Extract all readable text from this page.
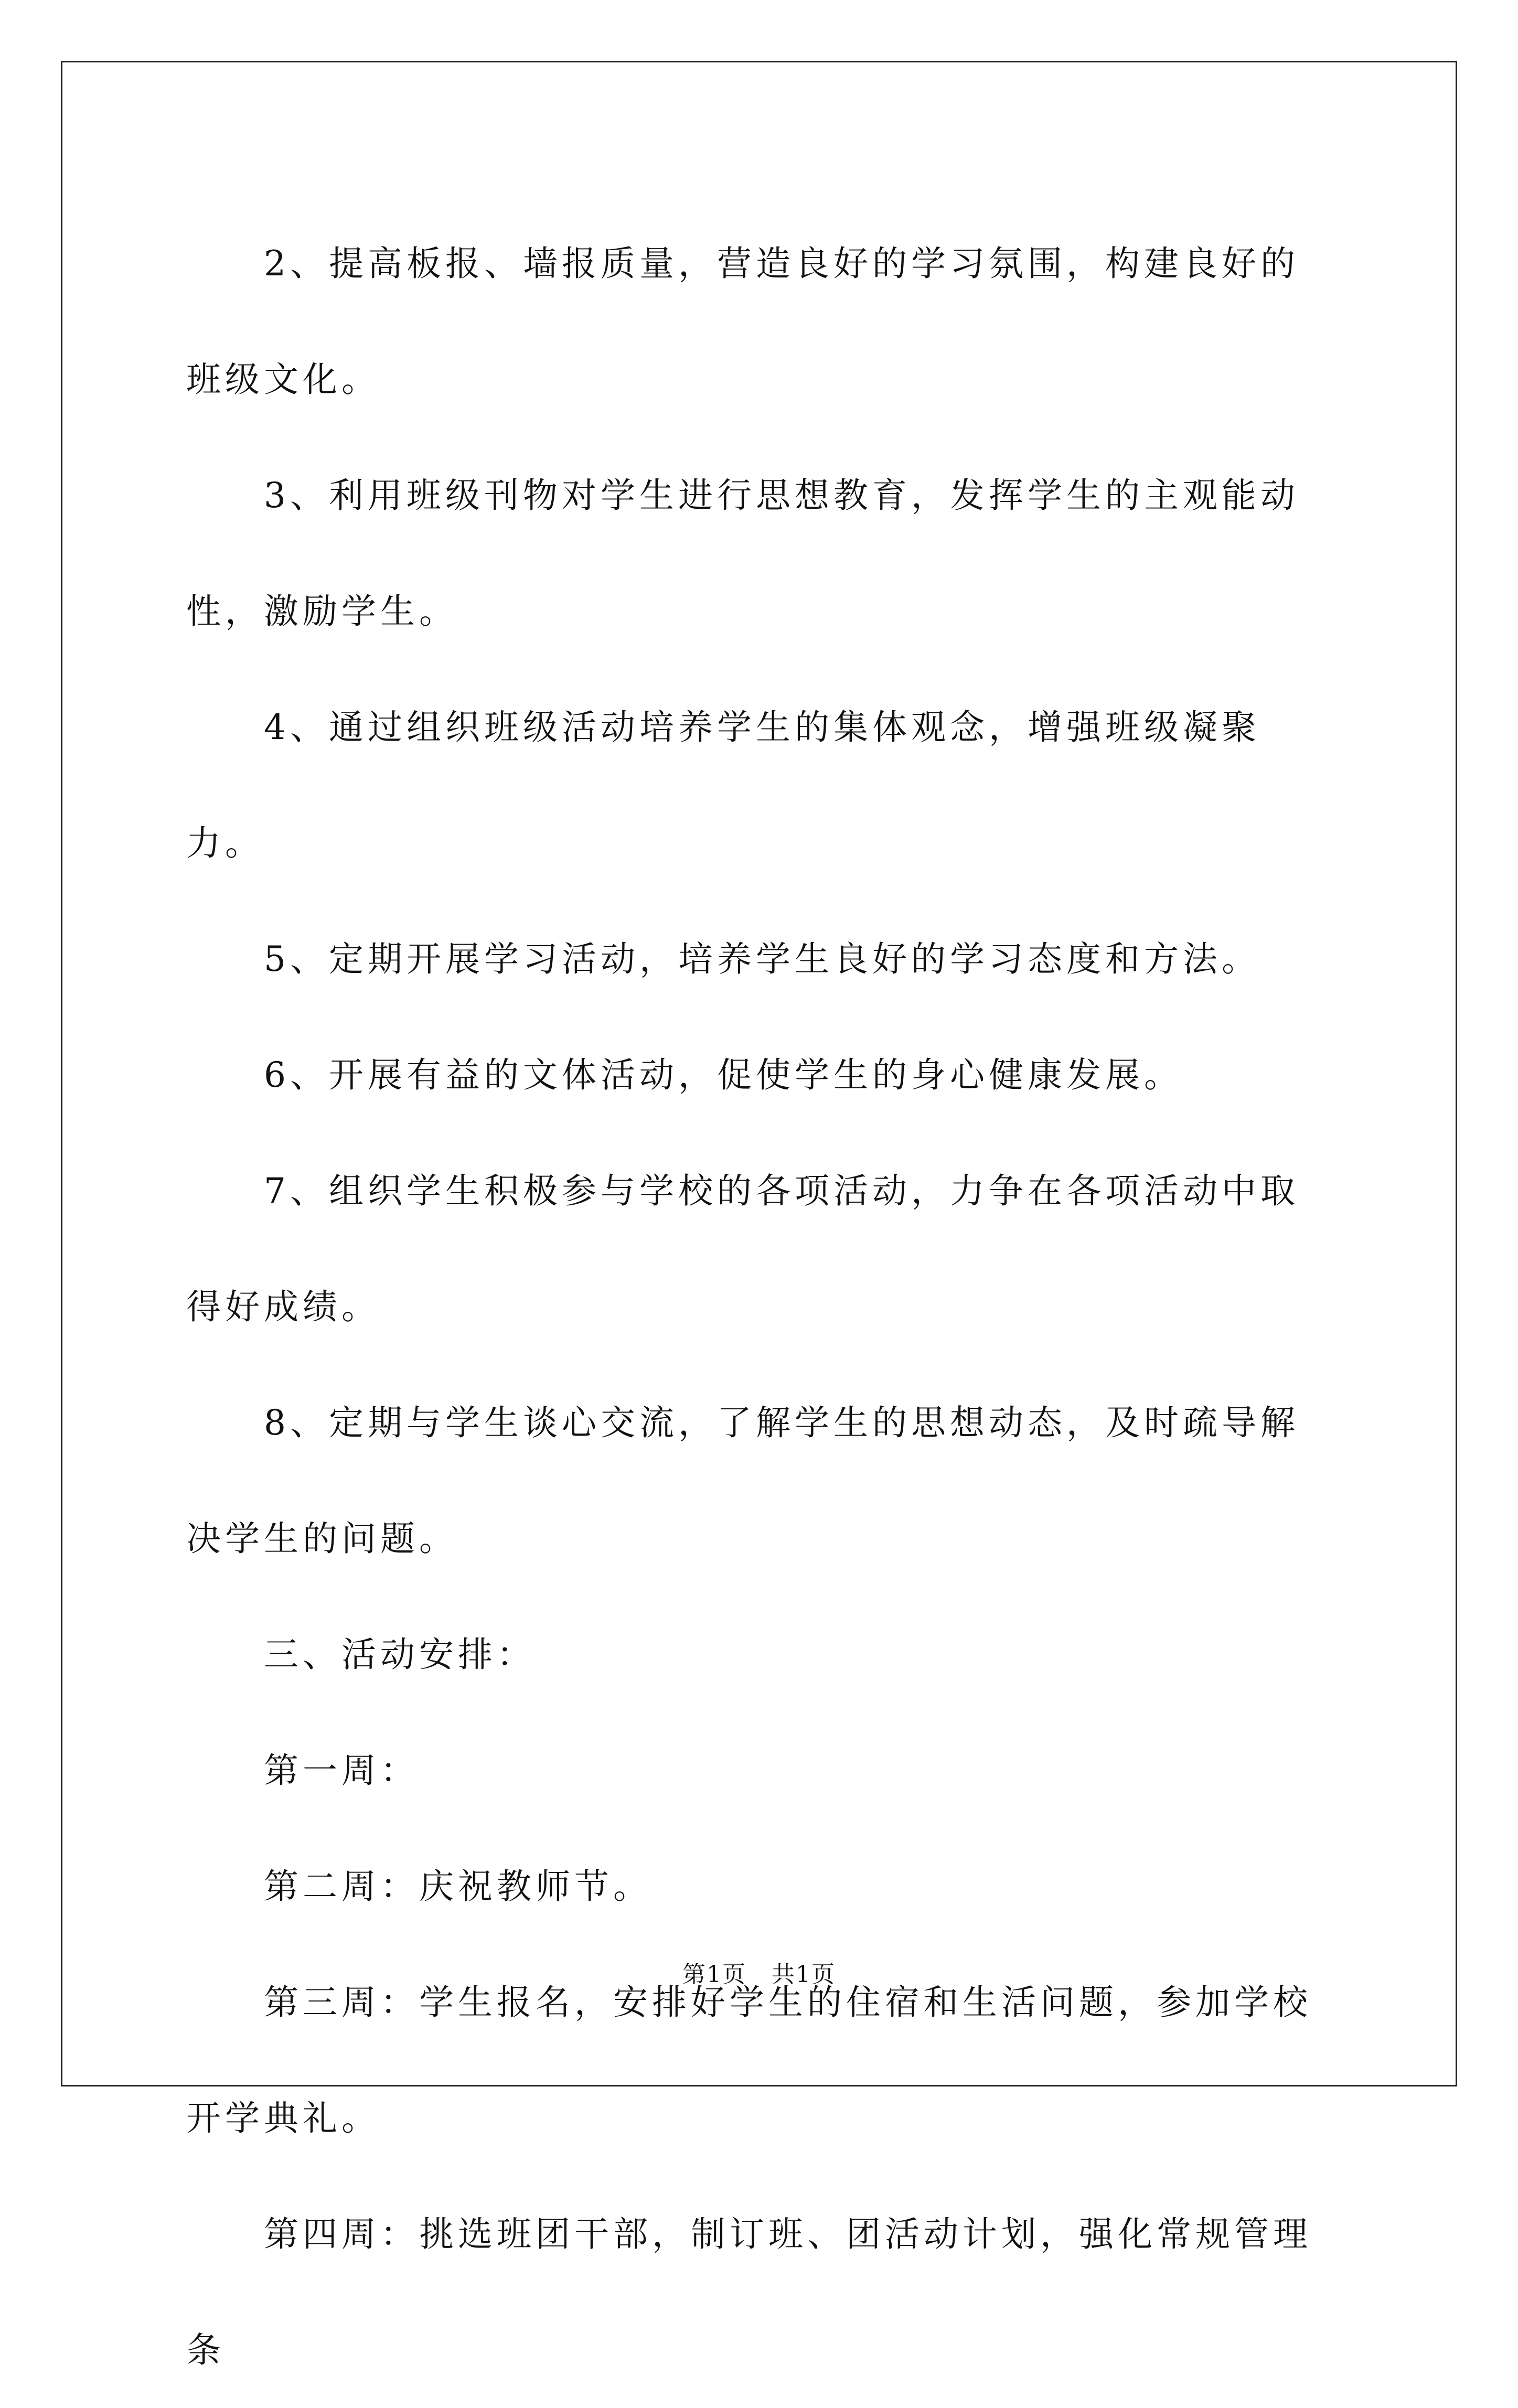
2、提高板报、墙报质量，营造良好的学习氛围，构建良好的班级文化。

3、利用班级刊物对学生进行思想教育，发挥学生的主观能动性，激励学生。

4、通过组织班级活动培养学生的集体观念，增强班级凝聚力。

5、定期开展学习活动，培养学生良好的学习态度和方法。

6、开展有益的文体活动，促使学生的身心健康发展。

7、组织学生积极参与学校的各项活动，力争在各项活动中取得好成绩。

8、定期与学生谈心交流，了解学生的思想动态，及时疏导解决学生的问题。

三、活动安排：

第一周：

第二周：庆祝教师节。

第三周：学生报名，安排好学生的住宿和生活问题，参加学校开学典礼。

第四周：挑选班团干部，制订班、团活动计划，强化常规管理条

第1页 共1页
